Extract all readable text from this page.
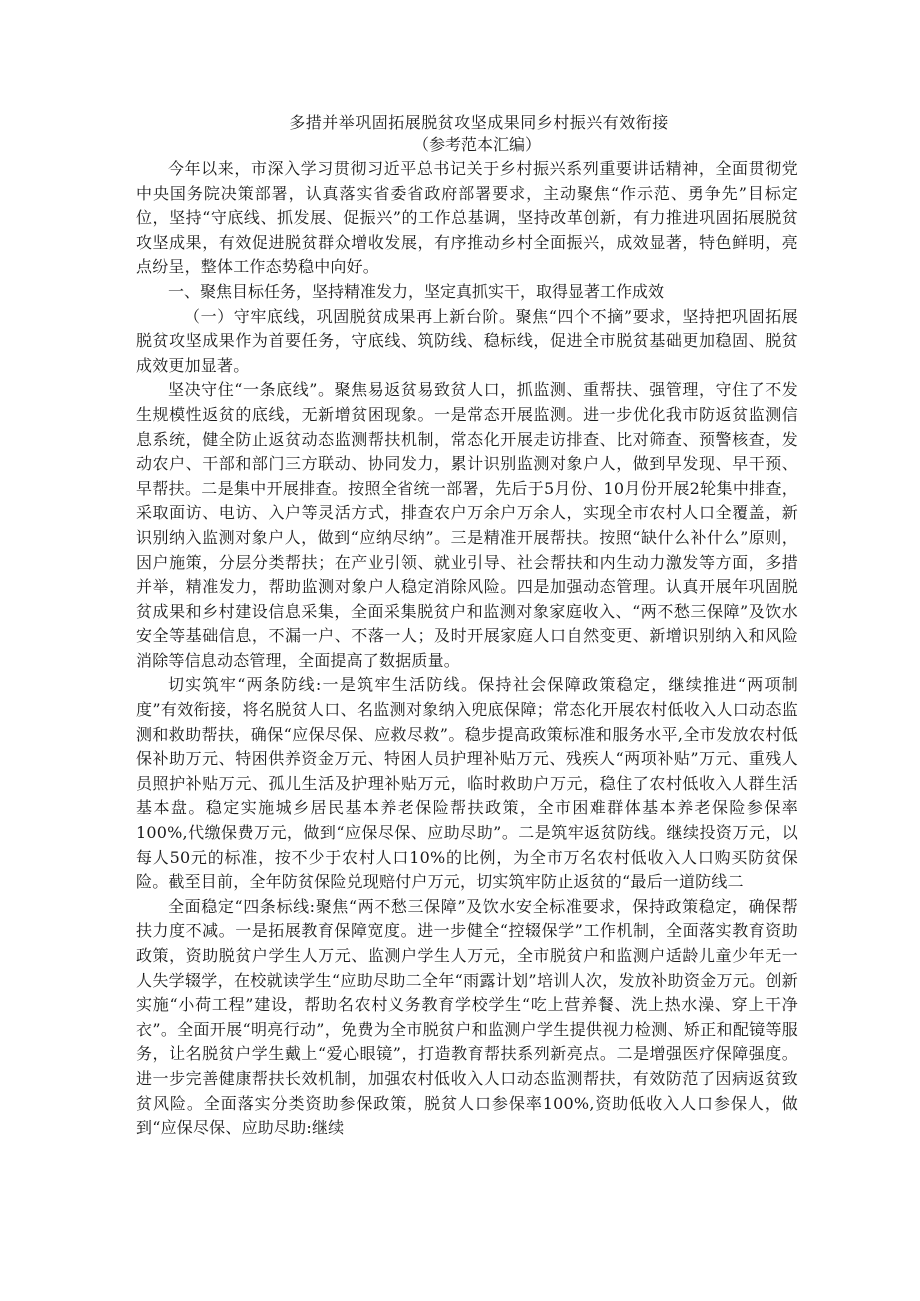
多措并举巩固拓展脱贫攻坚成果同乡村振兴有效衔接
（参考范本汇编）

今年以来，市深入学习贯彻习近平总书记关于乡村振兴系列重要讲话精神，全面贯彻党中央国务院决策部署，认真落实省委省政府部署要求，主动聚焦“作示范、勇争先”目标定位，坚持“守底线、抓发展、促振兴”的工作总基调，坚持改革创新，有力推进巩固拓展脱贫攻坚成果，有效促进脱贫群众增收发展，有序推动乡村全面振兴，成效显著，特色鲜明，亮点纷呈，整体工作态势稳中向好。

一、聚焦目标任务，坚持精准发力，坚定真抓实干，取得显著工作成效

（一）守牢底线，巩固脱贫成果再上新台阶。聚焦“四个不摘”要求，坚持把巩固拓展脱贫攻坚成果作为首要任务，守底线、筑防线、稳标线，促进全市脱贫基础更加稳固、脱贫成效更加显著。

坚决守住“一条底线”。聚焦易返贫易致贫人口，抓监测、重帮扶、强管理，守住了不发生规模性返贫的底线，无新增贫困现象。一是常态开展监测。进一步优化我市防返贫监测信息系统，健全防止返贫动态监测帮扶机制，常态化开展走访排查、比对筛查、预警核查，发动农户、干部和部门三方联动、协同发力，累计识别监测对象户人，做到早发现、早干预、早帮扶。二是集中开展排查。按照全省统一部署，先后于5月份、10月份开展2轮集中排查，采取面访、电访、入户等灵活方式，排查农户万余户万余人，实现全市农村人口全覆盖，新识别纳入监测对象户人，做到“应纳尽纳”。三是精准开展帮扶。按照“缺什么补什么”原则，因户施策，分层分类帮扶；在产业引领、就业引导、社会帮扶和内生动力激发等方面，多措并举，精准发力，帮助监测对象户人稳定消除风险。四是加强动态管理。认真开展年巩固脱贫成果和乡村建设信息采集，全面采集脱贫户和监测对象家庭收入、“两不愁三保障”及饮水安全等基础信息，不漏一户、不落一人；及时开展家庭人口自然变更、新增识别纳入和风险消除等信息动态管理，全面提高了数据质量。

切实筑牢“两条防线:一是筑牢生活防线。保持社会保障政策稳定，继续推进“两项制度”有效衔接，将名脱贫人口、名监测对象纳入兜底保障；常态化开展农村低收入人口动态监测和救助帮扶，确保“应保尽保、应救尽救”。稳步提高政策标准和服务水平,全市发放农村低保补助万元、特困供养资金万元、特困人员护理补贴万元、残疾人“两项补贴”万元、重残人员照护补贴万元、孤儿生活及护理补贴万元，临时救助户万元，稳住了农村低收入人群生活基本盘。稳定实施城乡居民基本养老保险帮扶政策，全市困难群体基本养老保险参保率100%,代缴保费万元，做到“应保尽保、应助尽助”。二是筑牢返贫防线。继续投资万元，以每人50元的标准，按不少于农村人口10%的比例，为全市万名农村低收入人口购买防贫保险。截至目前，全年防贫保险兑现赔付户万元，切实筑牢防止返贫的“最后一道防线二

全面稳定“四条标线:聚焦“两不愁三保障”及饮水安全标准要求，保持政策稳定，确保帮扶力度不减。一是拓展教育保障宽度。进一步健全“控辍保学”工作机制，全面落实教育资助政策，资助脱贫户学生人万元、监测户学生人万元，全市脱贫户和监测户适龄儿童少年无一人失学辍学，在校就读学生“应助尽助二全年“雨露计划”培训人次，发放补助资金万元。创新实施“小荷工程”建设，帮助名农村义务教育学校学生“吃上营养餐、洗上热水澡、穿上干净衣”。全面开展“明亮行动”，免费为全市脱贫户和监测户学生提供视力检测、矫正和配镜等服务，让名脱贫户学生戴上“爱心眼镜”，打造教育帮扶系列新亮点。二是增强医疗保障强度。进一步完善健康帮扶长效机制，加强农村低收入人口动态监测帮扶，有效防范了因病返贫致贫风险。全面落实分类资助参保政策，脱贫人口参保率100%,资助低收入人口参保人，做到“应保尽保、应助尽助:继续
